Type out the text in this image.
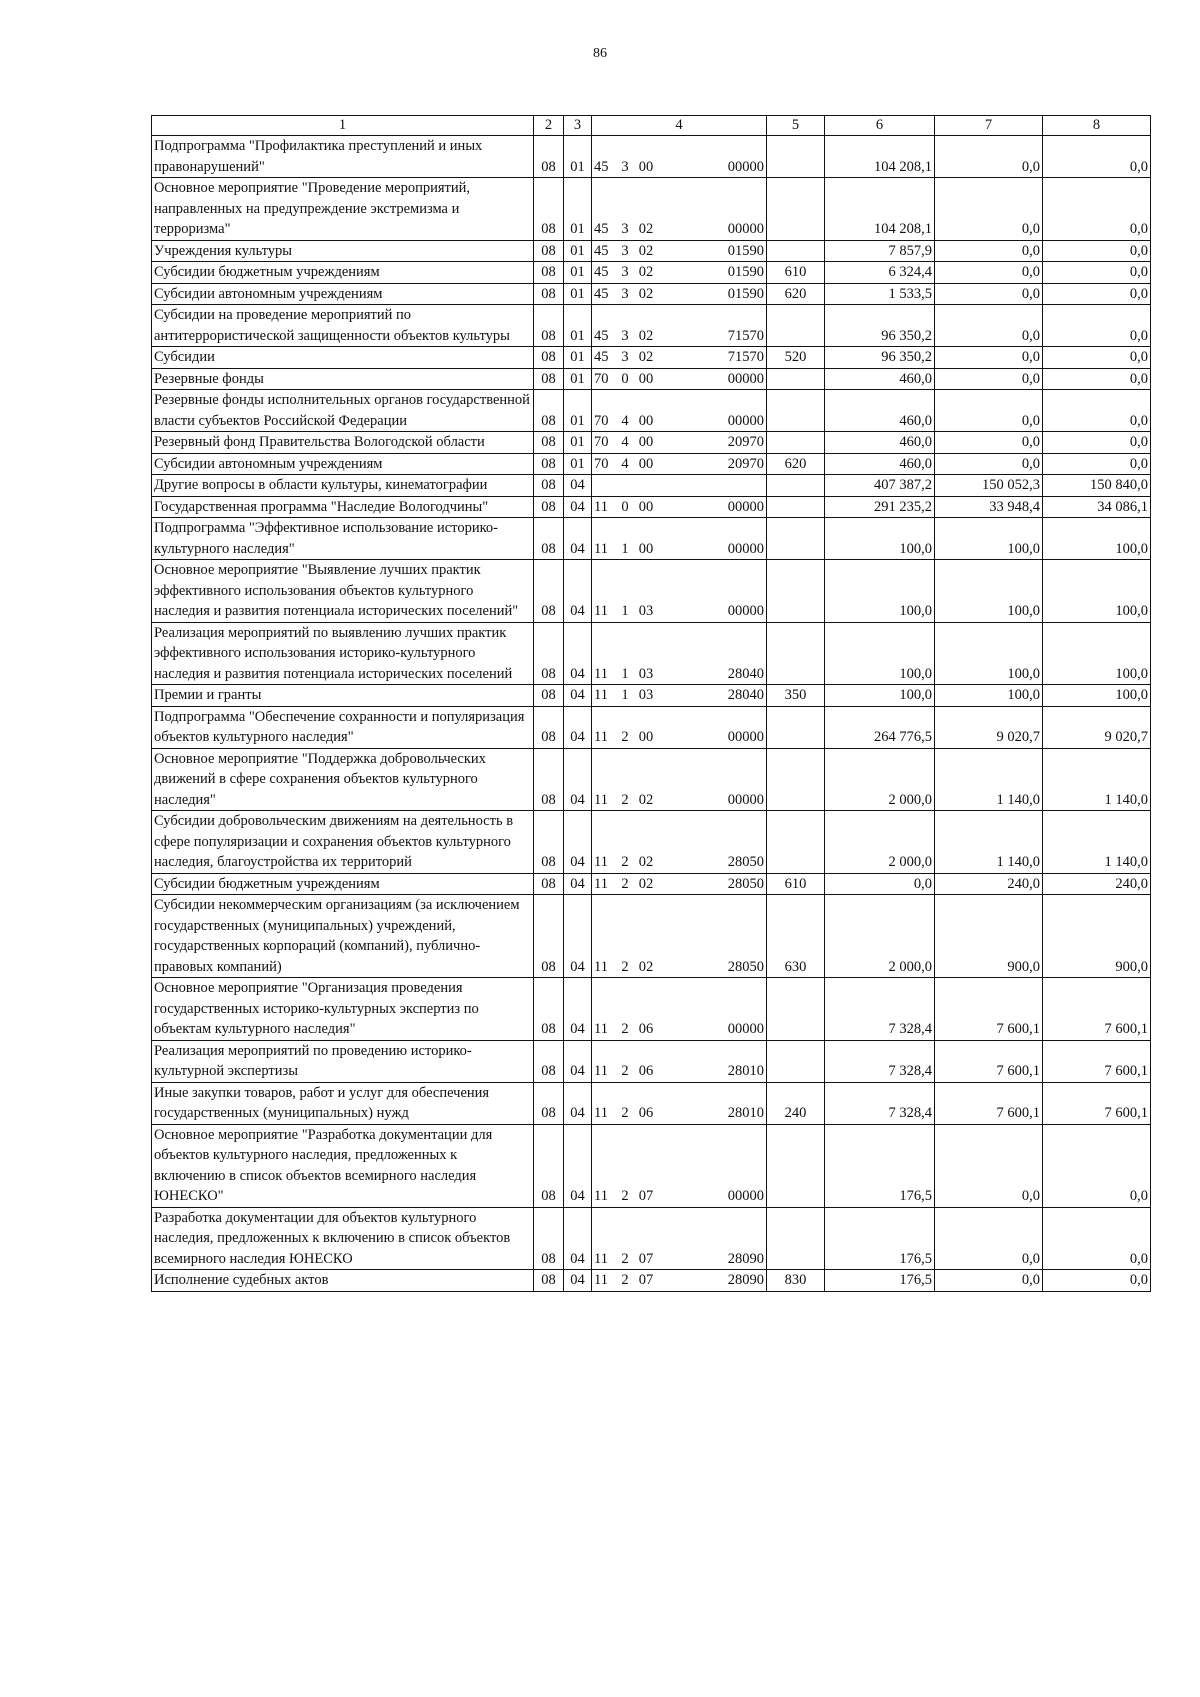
86
1	2	3	4	5	6	7	8
Подпрограмма "Профилактика преступлений и иных правонарушений"	08	01	45 3 00 00000		104 208,1	0,0	0,0
Основное мероприятие "Проведение мероприятий, направленных на предупреждение экстремизма и терроризма"	08	01	45 3 02 00000		104 208,1	0,0	0,0
Учреждения культуры	08	01	45 3 02 01590		7 857,9	0,0	0,0
Субсидии бюджетным учреждениям	08	01	45 3 02 01590	610	6 324,4	0,0	0,0
Субсидии автономным учреждениям	08	01	45 3 02 01590	620	1 533,5	0,0	0,0
Субсидии на проведение мероприятий по антитеррористической защищенности объектов культуры	08	01	45 3 02 71570		96 350,2	0,0	0,0
Субсидии	08	01	45 3 02 71570	520	96 350,2	0,0	0,0
Резервные фонды	08	01	70 0 00 00000		460,0	0,0	0,0
Резервные фонды исполнительных органов государственной власти субъектов Российской Федерации	08	01	70 4 00 00000		460,0	0,0	0,0
Резервный фонд Правительства Вологодской области	08	01	70 4 00 20970		460,0	0,0	0,0
Субсидии автономным учреждениям	08	01	70 4 00 20970	620	460,0	0,0	0,0
Другие вопросы в области культуры, кинематографии	08	04			407 387,2	150 052,3	150 840,0
Государственная программа "Наследие Вологодчины"	08	04	11 0 00 00000		291 235,2	33 948,4	34 086,1
Подпрограмма "Эффективное использование историко-культурного наследия"	08	04	11 1 00 00000		100,0	100,0	100,0
Основное мероприятие "Выявление лучших практик эффективного использования объектов культурного наследия и развития потенциала исторических поселений"	08	04	11 1 03 00000		100,0	100,0	100,0
Реализация мероприятий по выявлению лучших практик эффективного использования историко-культурного наследия и развития потенциала исторических поселений	08	04	11 1 03 28040		100,0	100,0	100,0
Премии и гранты	08	04	11 1 03 28040	350	100,0	100,0	100,0
Подпрограмма "Обеспечение сохранности и популяризация объектов культурного наследия"	08	04	11 2 00 00000		264 776,5	9 020,7	9 020,7
Основное мероприятие "Поддержка добровольческих движений в сфере сохранения объектов культурного наследия"	08	04	11 2 02 00000		2 000,0	1 140,0	1 140,0
Субсидии добровольческим движениям на деятельность в сфере популяризации и сохранения объектов культурного наследия, благоустройства их территорий	08	04	11 2 02 28050		2 000,0	1 140,0	1 140,0
Субсидии бюджетным учреждениям	08	04	11 2 02 28050	610	0,0	240,0	240,0
Субсидии некоммерческим организациям (за исключением государственных (муниципальных) учреждений, государственных корпораций (компаний), публично-правовых компаний)	08	04	11 2 02 28050	630	2 000,0	900,0	900,0
Основное мероприятие "Организация проведения государственных историко-культурных экспертиз по объектам культурного наследия"	08	04	11 2 06 00000		7 328,4	7 600,1	7 600,1
Реализация мероприятий по проведению историко-культурной экспертизы	08	04	11 2 06 28010		7 328,4	7 600,1	7 600,1
Иные закупки товаров, работ и услуг для обеспечения государственных (муниципальных) нужд	08	04	11 2 06 28010	240	7 328,4	7 600,1	7 600,1
Основное мероприятие "Разработка документации для объектов культурного наследия, предложенных к включению в список объектов всемирного наследия ЮНЕСКО"	08	04	11 2 07 00000		176,5	0,0	0,0
Разработка документации для объектов культурного наследия, предложенных к включению в список объектов всемирного наследия ЮНЕСКО	08	04	11 2 07 28090		176,5	0,0	0,0
Исполнение судебных актов	08	04	11 2 07 28090	830	176,5	0,0	0,0
